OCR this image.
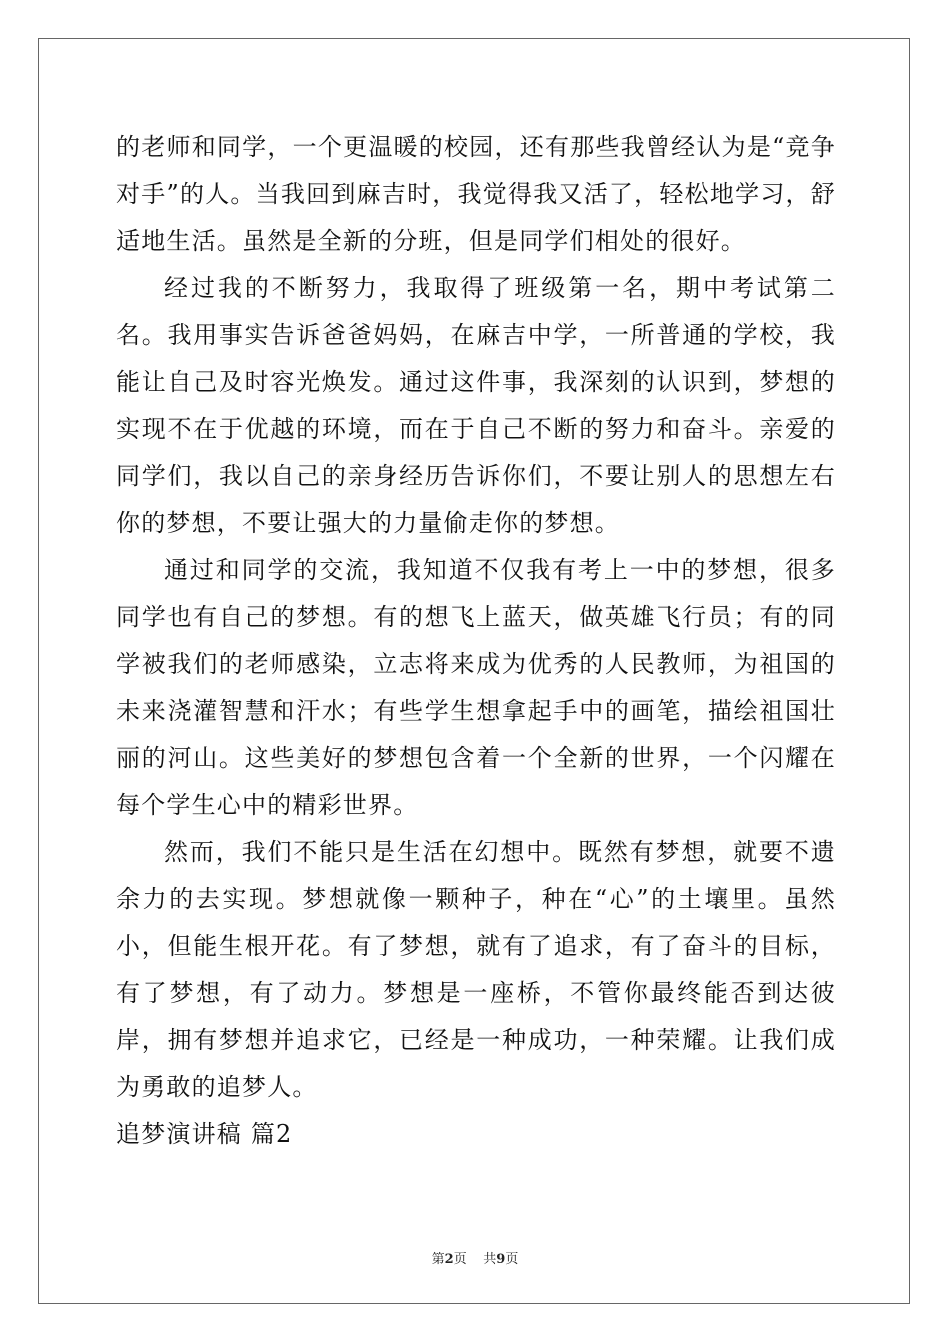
的老师和同学，一个更温暖的校园，还有那些我曾经认为是“竞争对手”的人。当我回到麻吉时，我觉得我又活了，轻松地学习，舒适地生活。虽然是全新的分班，但是同学们相处的很好。

经过我的不断努力，我取得了班级第一名，期中考试第二名。我用事实告诉爸爸妈妈，在麻吉中学，一所普通的学校，我能让自己及时容光焕发。通过这件事，我深刻的认识到，梦想的实现不在于优越的环境，而在于自己不断的努力和奋斗。亲爱的同学们，我以自己的亲身经历告诉你们，不要让别人的思想左右你的梦想，不要让强大的力量偷走你的梦想。

通过和同学的交流，我知道不仅我有考上一中的梦想，很多同学也有自己的梦想。有的想飞上蓝天，做英雄飞行员；有的同学被我们的老师感染，立志将来成为优秀的人民教师，为祖国的未来浇灌智慧和汗水；有些学生想拿起手中的画笔，描绘祖国壮丽的河山。这些美好的梦想包含着一个全新的世界，一个闪耀在每个学生心中的精彩世界。

然而，我们不能只是生活在幻想中。既然有梦想，就要不遗余力的去实现。梦想就像一颗种子，种在“心”的土壤里。虽然小，但能生根开花。有了梦想，就有了追求，有了奋斗的目标，有了梦想，有了动力。梦想是一座桥，不管你最终能否到达彼岸，拥有梦想并追求它，已经是一种成功，一种荣耀。让我们成为勇敢的追梦人。

追梦演讲稿 篇2

第2页 共9页
